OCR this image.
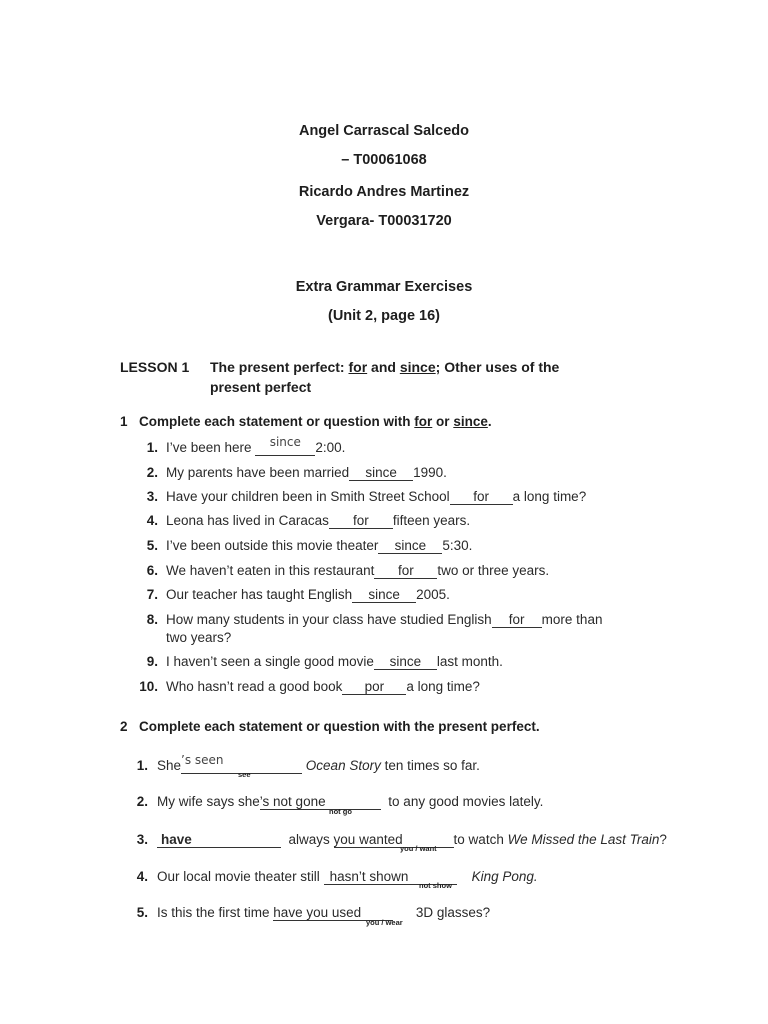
Angel Carrascal Salcedo
– T00061068
Ricardo Andres Martinez
Vergara- T00031720
Extra Grammar Exercises
(Unit 2, page 16)
LESSON 1 The present perfect: for and since; Other uses of the
present perfect
1 Complete each statement or question with for or since.
1. I’ve been here since 2:00.
2. My parents have been married since 1990.
3. Have your children been in Smith Street School for a long time?
4. Leona has lived in Caracas for fifteen years.
5. I’ve been outside this movie theater since 5:30.
6. We haven’t eaten in this restaurant for two or three years.
7. Our teacher has taught English since 2005.
8. How many students in your class have studied English for more than
two years?
9. I haven’t seen a single good movie since last month.
10. Who hasn’t read a good book por a long time?
2 Complete each statement or question with the present perfect.
1. She’s seen	Ocean Story ten times so far.
see
2. My wife says she’s not gone	to any good movies lately.
not go
3. have	always you wanted	to watch We Missed the Last Train?
you / want
4. Our local movie theater still hasn’t shown	King Pong.
not show
5. Is this the first time have you used	3D glasses?
you / wear
